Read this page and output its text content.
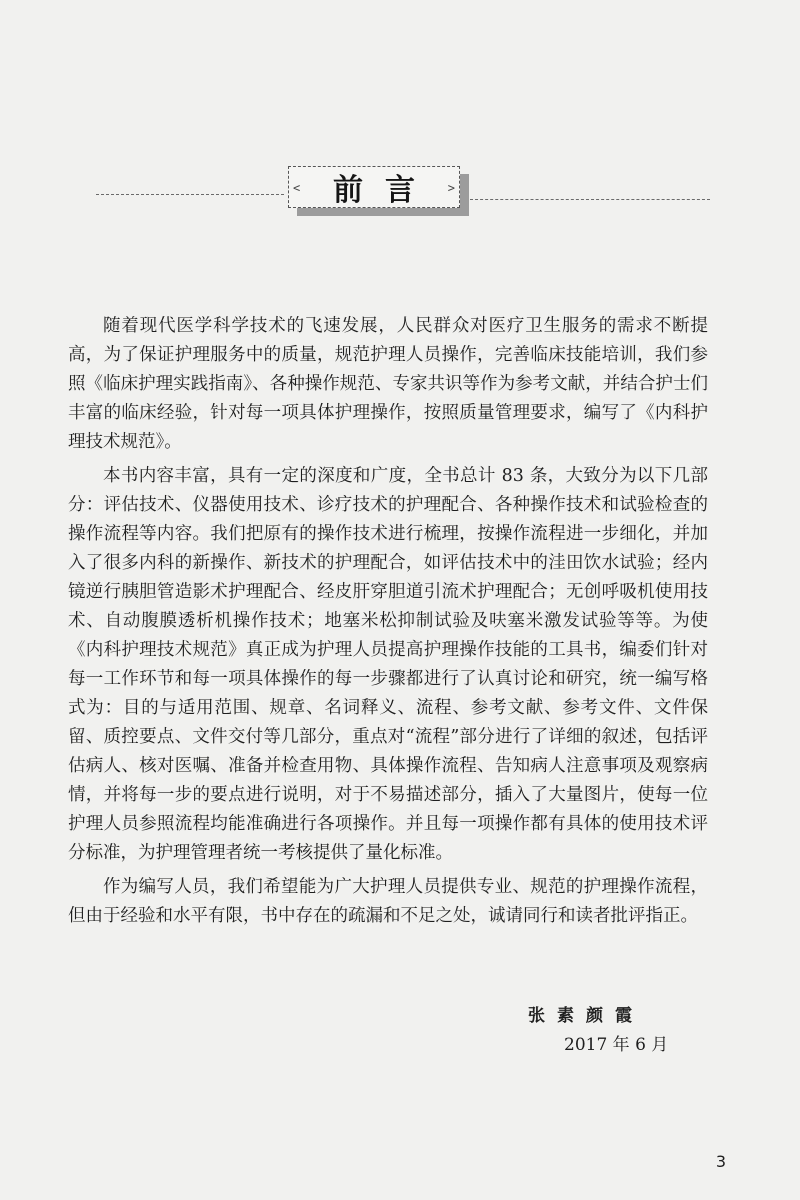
<	>
前言

随着现代医学科学技术的飞速发展，人民群众对医疗卫生服务的需求不断提高，为了保证护理服务中的质量，规范护理人员操作，完善临床技能培训，我们参照《临床护理实践指南》、各种操作规范、专家共识等作为参考文献，并结合护士们丰富的临床经验，针对每一项具体护理操作，按照质量管理要求，编写了《内科护理技术规范》。

本书内容丰富，具有一定的深度和广度，全书总计 83 条，大致分为以下几部分：评估技术、仪器使用技术、诊疗技术的护理配合、各种操作技术和试验检查的操作流程等内容。我们把原有的操作技术进行梳理，按操作流程进一步细化，并加入了很多内科的新操作、新技术的护理配合，如评估技术中的洼田饮水试验；经内镜逆行胰胆管造影术护理配合、经皮肝穿胆道引流术护理配合；无创呼吸机使用技术、自动腹膜透析机操作技术；地塞米松抑制试验及呋塞米激发试验等等。为使《内科护理技术规范》真正成为护理人员提高护理操作技能的工具书，编委们针对每一工作环节和每一项具体操作的每一步骤都进行了认真讨论和研究，统一编写格式为：目的与适用范围、规章、名词释义、流程、参考文献、参考文件、文件保留、质控要点、文件交付等几部分，重点对“流程”部分进行了详细的叙述，包括评估病人、核对医嘱、准备并检查用物、具体操作流程、告知病人注意事项及观察病情，并将每一步的要点进行说明，对于不易描述部分，插入了大量图片，使每一位护理人员参照流程均能准确进行各项操作。并且每一项操作都有具体的使用技术评分标准，为护理管理者统一考核提供了量化标准。

作为编写人员，我们希望能为广大护理人员提供专业、规范的护理操作流程，但由于经验和水平有限，书中存在的疏漏和不足之处，诚请同行和读者批评指正。

张素颜霞
2017 年 6 月
3
